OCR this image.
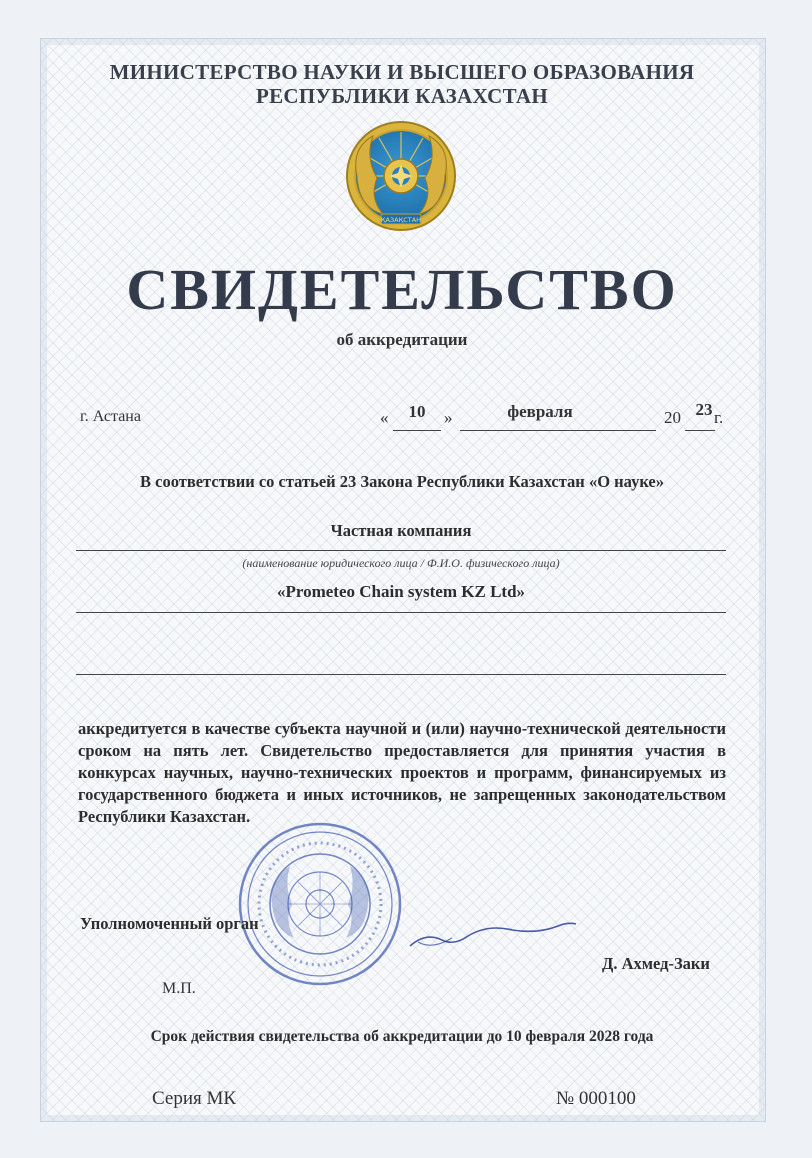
МИНИСТЕРСТВО НАУКИ И ВЫСШЕГО ОБРАЗОВАНИЯ
РЕСПУБЛИКИ КАЗАХСТАН
ҚАЗАҚСТАН
СВИДЕТЕЛЬСТВО
об аккредитации
г. Астана	«	10	»	февраля	20 23 г.
В соответствии со статьей 23 Закона Республики Казахстан «О науке»
Частная компания
(наименование юридического лица / Ф.И.О. физического лица)
«Prometeo Chain system KZ Ltd»
аккредитуется в качестве субъекта научной и (или) научно-технической деятельности сроком на пять лет. Свидетельство предоставляется для принятия участия в конкурсах научных, научно-технических проектов и программ, финансируемых из государственного бюджета и иных источников, не запрещенных законодательством Республики Казахстан.
Уполномоченный орган
Д. Ахмед-Заки
М.П.
Срок действия свидетельства об аккредитации до 10 февраля 2028 года
Серия МК	№ 000100
